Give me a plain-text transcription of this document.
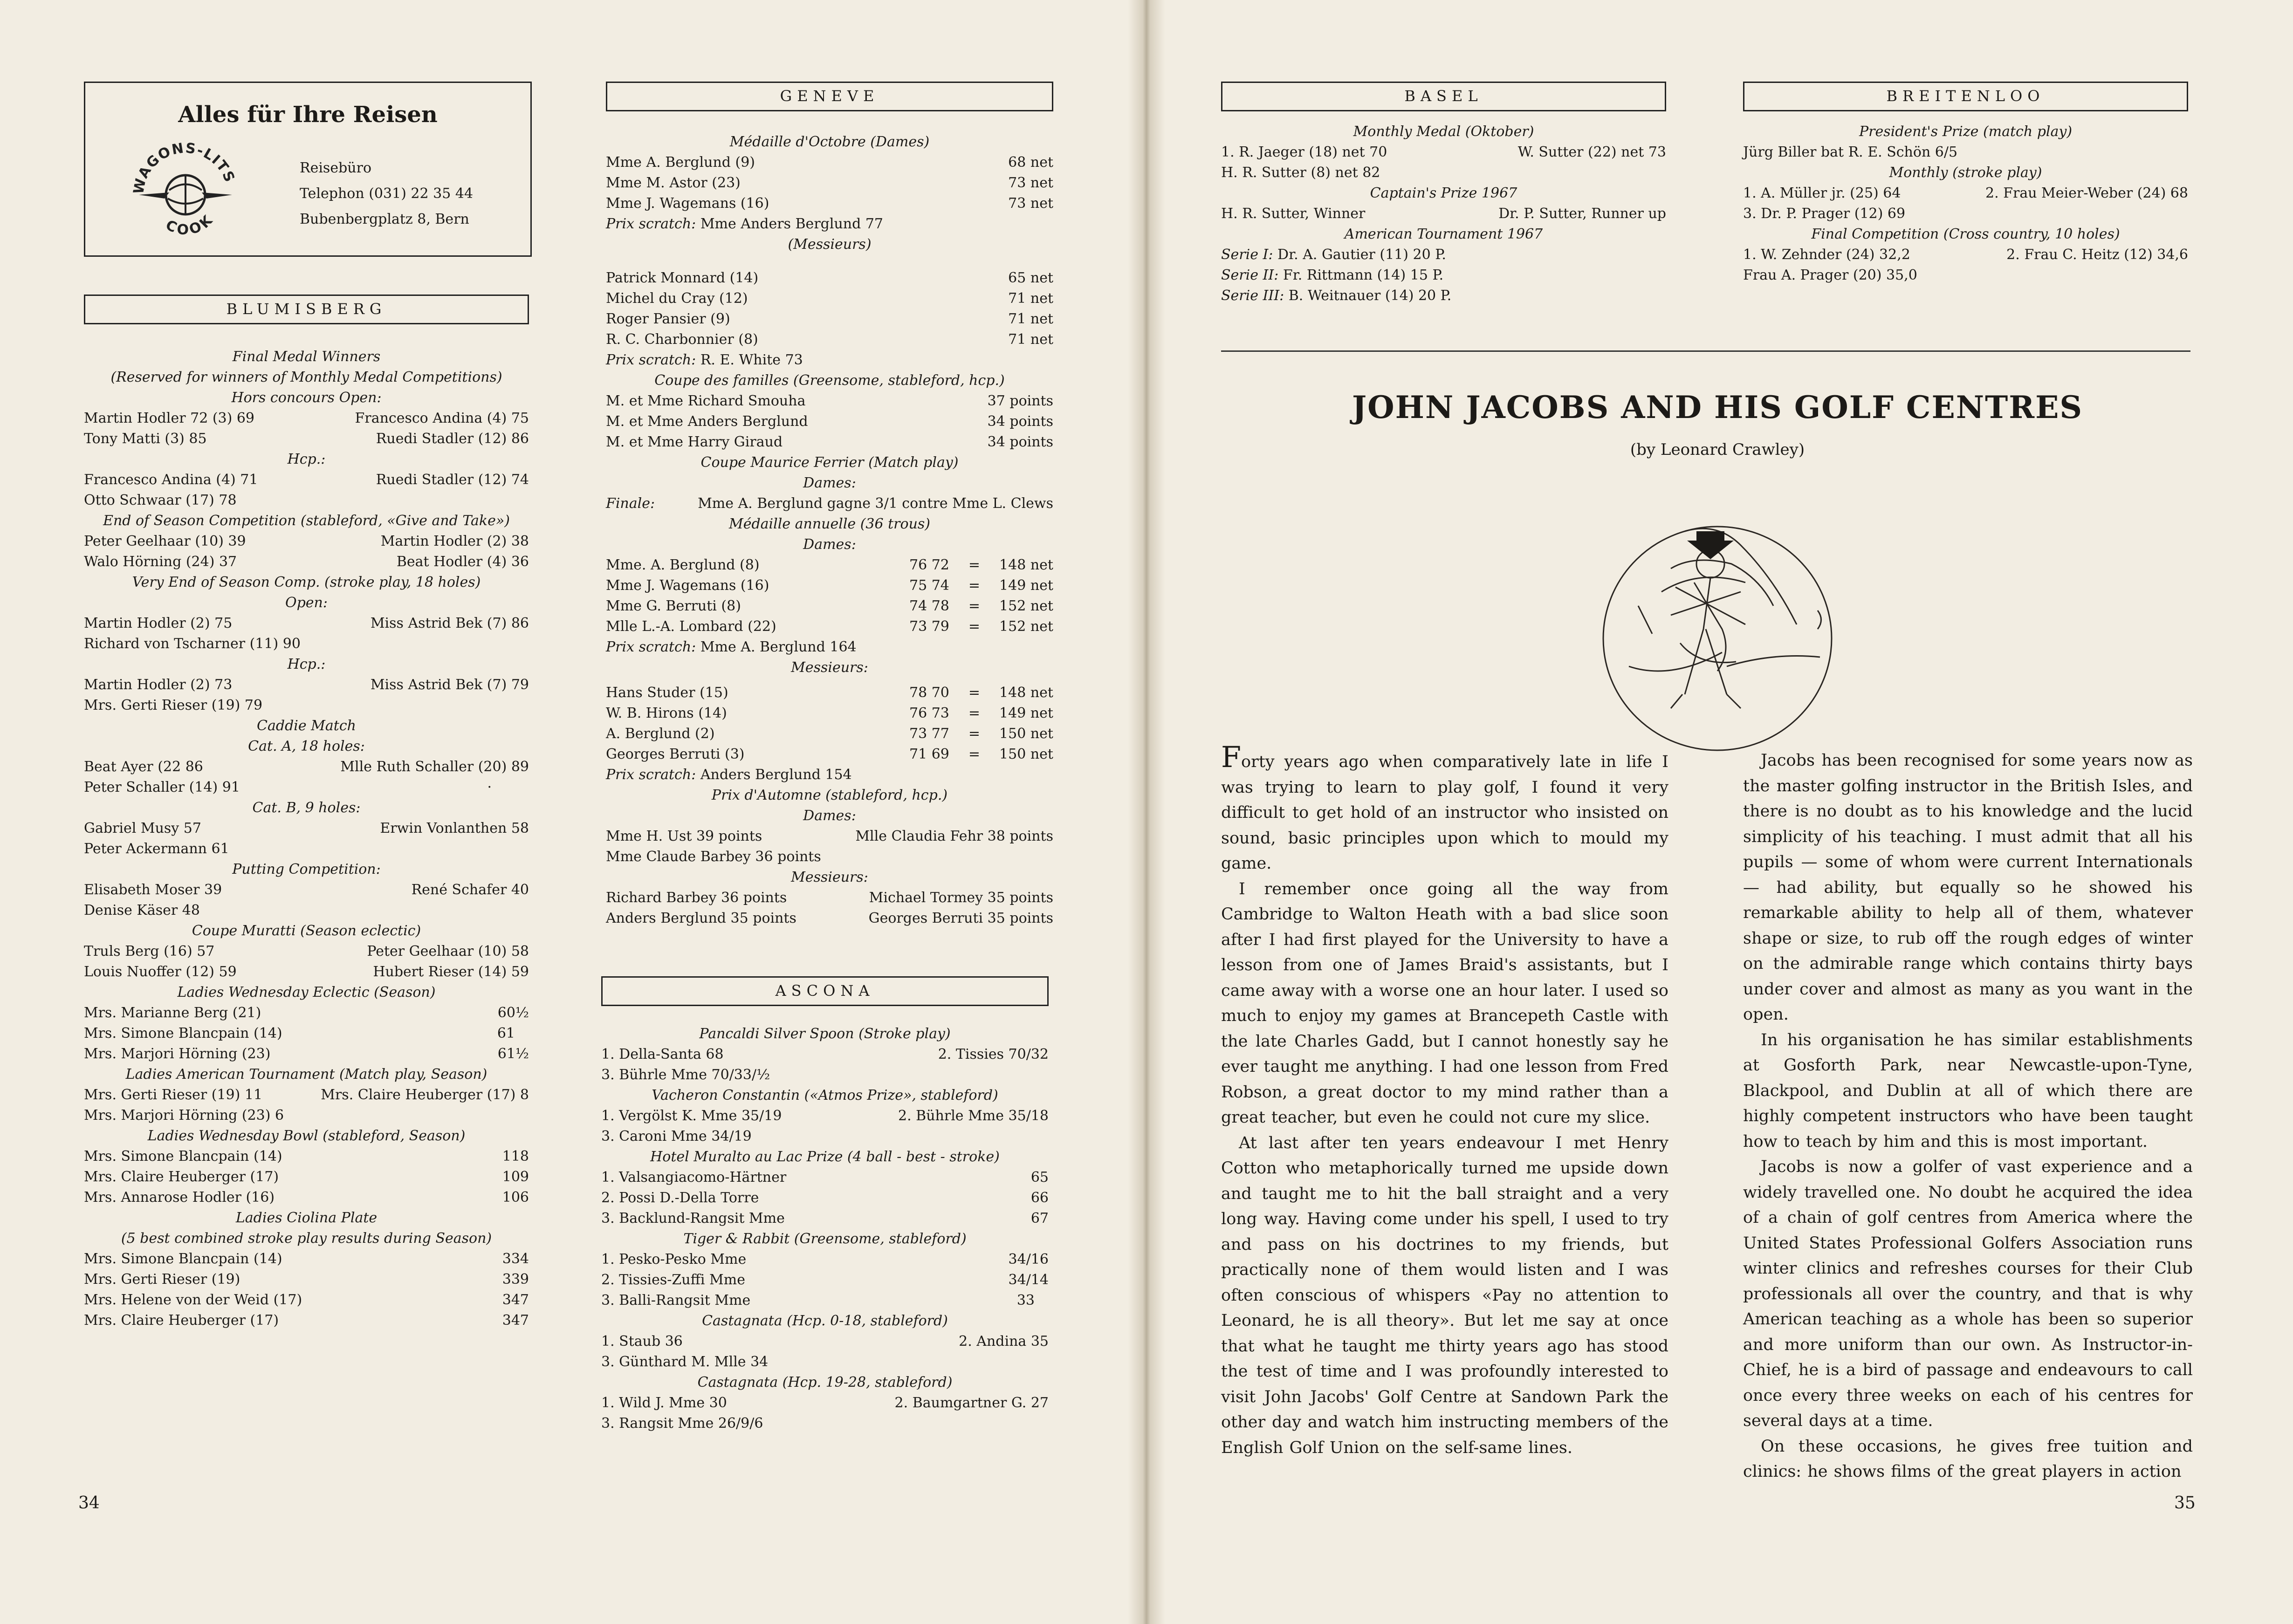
Alles für Ihre Reisen
WAGONS-LITS
COOK
Reisebüro
Telephon (031) 22 35 44
Bubenbergplatz 8, Bern
BLUMISBERG
Final Medal Winners
(Reserved for winners of Monthly Medal Competitions)
Hors concours Open:
Martin Hodler 72 (3) 69	Francesco Andina (4) 75
Tony Matti (3) 85	Ruedi Stadler (12) 86
Hcp.:
Francesco Andina (4) 71	Ruedi Stadler (12) 74
Otto Schwaar (17) 78
End of Season Competition (stableford, «Give and Take»)
Peter Geelhaar (10) 39	Martin Hodler (2) 38
Walo Hörning (24) 37	Beat Hodler (4) 36
Very End of Season Comp. (stroke play, 18 holes)
Open:
Martin Hodler (2) 75	Miss Astrid Bek (7) 86
Richard von Tscharner (11) 90
Hcp.:
Martin Hodler (2) 73	Miss Astrid Bek (7) 79
Mrs. Gerti Rieser (19) 79
Caddie Match
Cat. A, 18 holes:
Beat Ayer (22 86	Mlle Ruth Schaller (20) 89
Peter Schaller (14) 91	·
Cat. B, 9 holes:
Gabriel Musy 57	Erwin Vonlanthen 58
Peter Ackermann 61
Putting Competition:
Elisabeth Moser 39	René Schafer 40
Denise Käser 48
Coupe Muratti (Season eclectic)
Truls Berg (16) 57	Peter Geelhaar (10) 58
Louis Nuoffer (12) 59	Hubert Rieser (14) 59
Ladies Wednesday Eclectic (Season)
Mrs. Marianne Berg (21)	60½
Mrs. Simone Blancpain (14)	61
Mrs. Marjori Hörning (23)	61½
Ladies American Tournament (Match play, Season)
Mrs. Gerti Rieser (19) 11	Mrs. Claire Heuberger (17) 8
Mrs. Marjori Hörning (23) 6
Ladies Wednesday Bowl (stableford, Season)
Mrs. Simone Blancpain (14)	118
Mrs. Claire Heuberger (17)	109
Mrs. Annarose Hodler (16)	106
Ladies Ciolina Plate
(5 best combined stroke play results during Season)
Mrs. Simone Blancpain (14)	334
Mrs. Gerti Rieser (19)	339
Mrs. Helene von der Weid (17)	347
Mrs. Claire Heuberger (17)	347
GENEVE
Médaille d'Octobre (Dames)
Mme A. Berglund (9)	68 net
Mme M. Astor (23)	73 net
Mme J. Wagemans (16)	73 net
Prix scratch: Mme Anders Berglund 77
(Messieurs)
Patrick Monnard (14)	65 net
Michel du Cray (12)	71 net
Roger Pansier (9)	71 net
R. C. Charbonnier (8)	71 net
Prix scratch: R. E. White 73
Coupe des familles (Greensome, stableford, hcp.)
M. et Mme Richard Smouha	37 points
M. et Mme Anders Berglund	34 points
M. et Mme Harry Giraud	34 points
Coupe Maurice Ferrier (Match play)
Dames:
Finale:	Mme A. Berglund gagne 3/1 contre Mme L. Clews
Médaille annuelle (36 trous)
Dames:
Mme. A. Berglund (8)	76 72 = 148 net
Mme J. Wagemans (16)	75 74 = 149 net
Mme G. Berruti (8)	74 78 = 152 net
Mlle L.-A. Lombard (22)	73 79 = 152 net
Prix scratch: Mme A. Berglund 164
Messieurs:
Hans Studer (15)	78 70 = 148 net
W. B. Hirons (14)	76 73 = 149 net
A. Berglund (2)	73 77 = 150 net
Georges Berruti (3)	71 69 = 150 net
Prix scratch: Anders Berglund 154
Prix d'Automne (stableford, hcp.)
Dames:
Mme H. Ust 39 points	Mlle Claudia Fehr 38 points
Mme Claude Barbey 36 points
Messieurs:
Richard Barbey 36 points	Michael Tormey 35 points
Anders Berglund 35 points	Georges Berruti 35 points
ASCONA
Pancaldi Silver Spoon (Stroke play)
1. Della-Santa 68	2. Tissies 70/32
3. Bührle Mme 70/33/½
Vacheron Constantin («Atmos Prize», stableford)
1. Vergölst K. Mme 35/19	2. Bührle Mme 35/18
3. Caroni Mme 34/19
Hotel Muralto au Lac Prize (4 ball - best - stroke)
1. Valsangiacomo-Härtner	65
2. Possi D.-Della Torre	66
3. Backlund-Rangsit Mme	67
Tiger & Rabbit (Greensome, stableford)
1. Pesko-Pesko Mme	34/16
2. Tissies-Zuffi Mme	34/14
3. Balli-Rangsit Mme	33
Castagnata (Hcp. 0-18, stableford)
1. Staub 36	2. Andina 35
3. Günthard M. Mlle 34
Castagnata (Hcp. 19-28, stableford)
1. Wild J. Mme 30	2. Baumgartner G. 27
3. Rangsit Mme 26/9/6
BASEL
Monthly Medal (Oktober)
1. R. Jaeger (18) net 70	W. Sutter (22) net 73
H. R. Sutter (8) net 82
Captain's Prize 1967
H. R. Sutter, Winner	Dr. P. Sutter, Runner up
American Tournament 1967
Serie I: Dr. A. Gautier (11) 20 P.
Serie II: Fr. Rittmann (14) 15 P.
Serie III: B. Weitnauer (14) 20 P.
BREITENLOO
President's Prize (match play)
Jürg Biller bat R. E. Schön 6/5
Monthly (stroke play)
1. A. Müller jr. (25) 64	2. Frau Meier-Weber (24) 68
3. Dr. P. Prager (12) 69
Final Competition (Cross country, 10 holes)
1. W. Zehnder (24) 32,2	2. Frau C. Heitz (12) 34,6
Frau A. Prager (20) 35,0
JOHN JACOBS AND HIS GOLF CENTRES
(by Leonard Crawley)

Forty years ago when comparatively late in life I was trying to learn to play golf, I found it very difficult to get hold of an instructor who insisted on sound, basic principles upon which to mould my game.

I remember once going all the way from Cambridge to Walton Heath with a bad slice soon after I had first played for the University to have a lesson from one of James Braid's assistants, but I came away with a worse one an hour later. I used so much to enjoy my games at Brancepeth Castle with the late Charles Gadd, but I cannot honestly say he ever taught me anything. I had one lesson from Fred Robson, a great doctor to my mind rather than a great teacher, but even he could not cure my slice.

At last after ten years endeavour I met Henry Cotton who metaphorically turned me upside down and taught me to hit the ball straight and a very long way. Having come under his spell, I used to try and pass on his doctrines to my friends, but practically none of them would listen and I was often conscious of whispers «Pay no attention to Leonard, he is all theory». But let me say at once that what he taught me thirty years ago has stood the test of time and I was profoundly interested to visit John Jacobs' Golf Centre at Sandown Park the other day and watch him instructing members of the English Golf Union on the self-same lines.

Jacobs has been recognised for some years now as the master golfing instructor in the British Isles, and there is no doubt as to his knowledge and the lucid simplicity of his teaching. I must admit that all his pupils — some of whom were current Internationals — had ability, but equally so he showed his remarkable ability to help all of them, whatever shape or size, to rub off the rough edges of winter on the admirable range which contains thirty bays under cover and almost as many as you want in the open.

In his organisation he has similar establishments at Gosforth Park, near Newcastle-upon-Tyne, Blackpool, and Dublin at all of which there are highly competent instructors who have been taught how to teach by him and this is most important.

Jacobs is now a golfer of vast experience and a widely travelled one. No doubt he acquired the idea of a chain of golf centres from America where the United States Professional Golfers Association runs winter clinics and refreshes courses for their Club professionals all over the country, and that is why American teaching as a whole has been so superior and more uniform than our own. As Instructor-in-Chief, he is a bird of passage and endeavours to call once every three weeks on each of his centres for several days at a time.

On these occasions, he gives free tuition and clinics: he shows films of the great players in action

34	35
